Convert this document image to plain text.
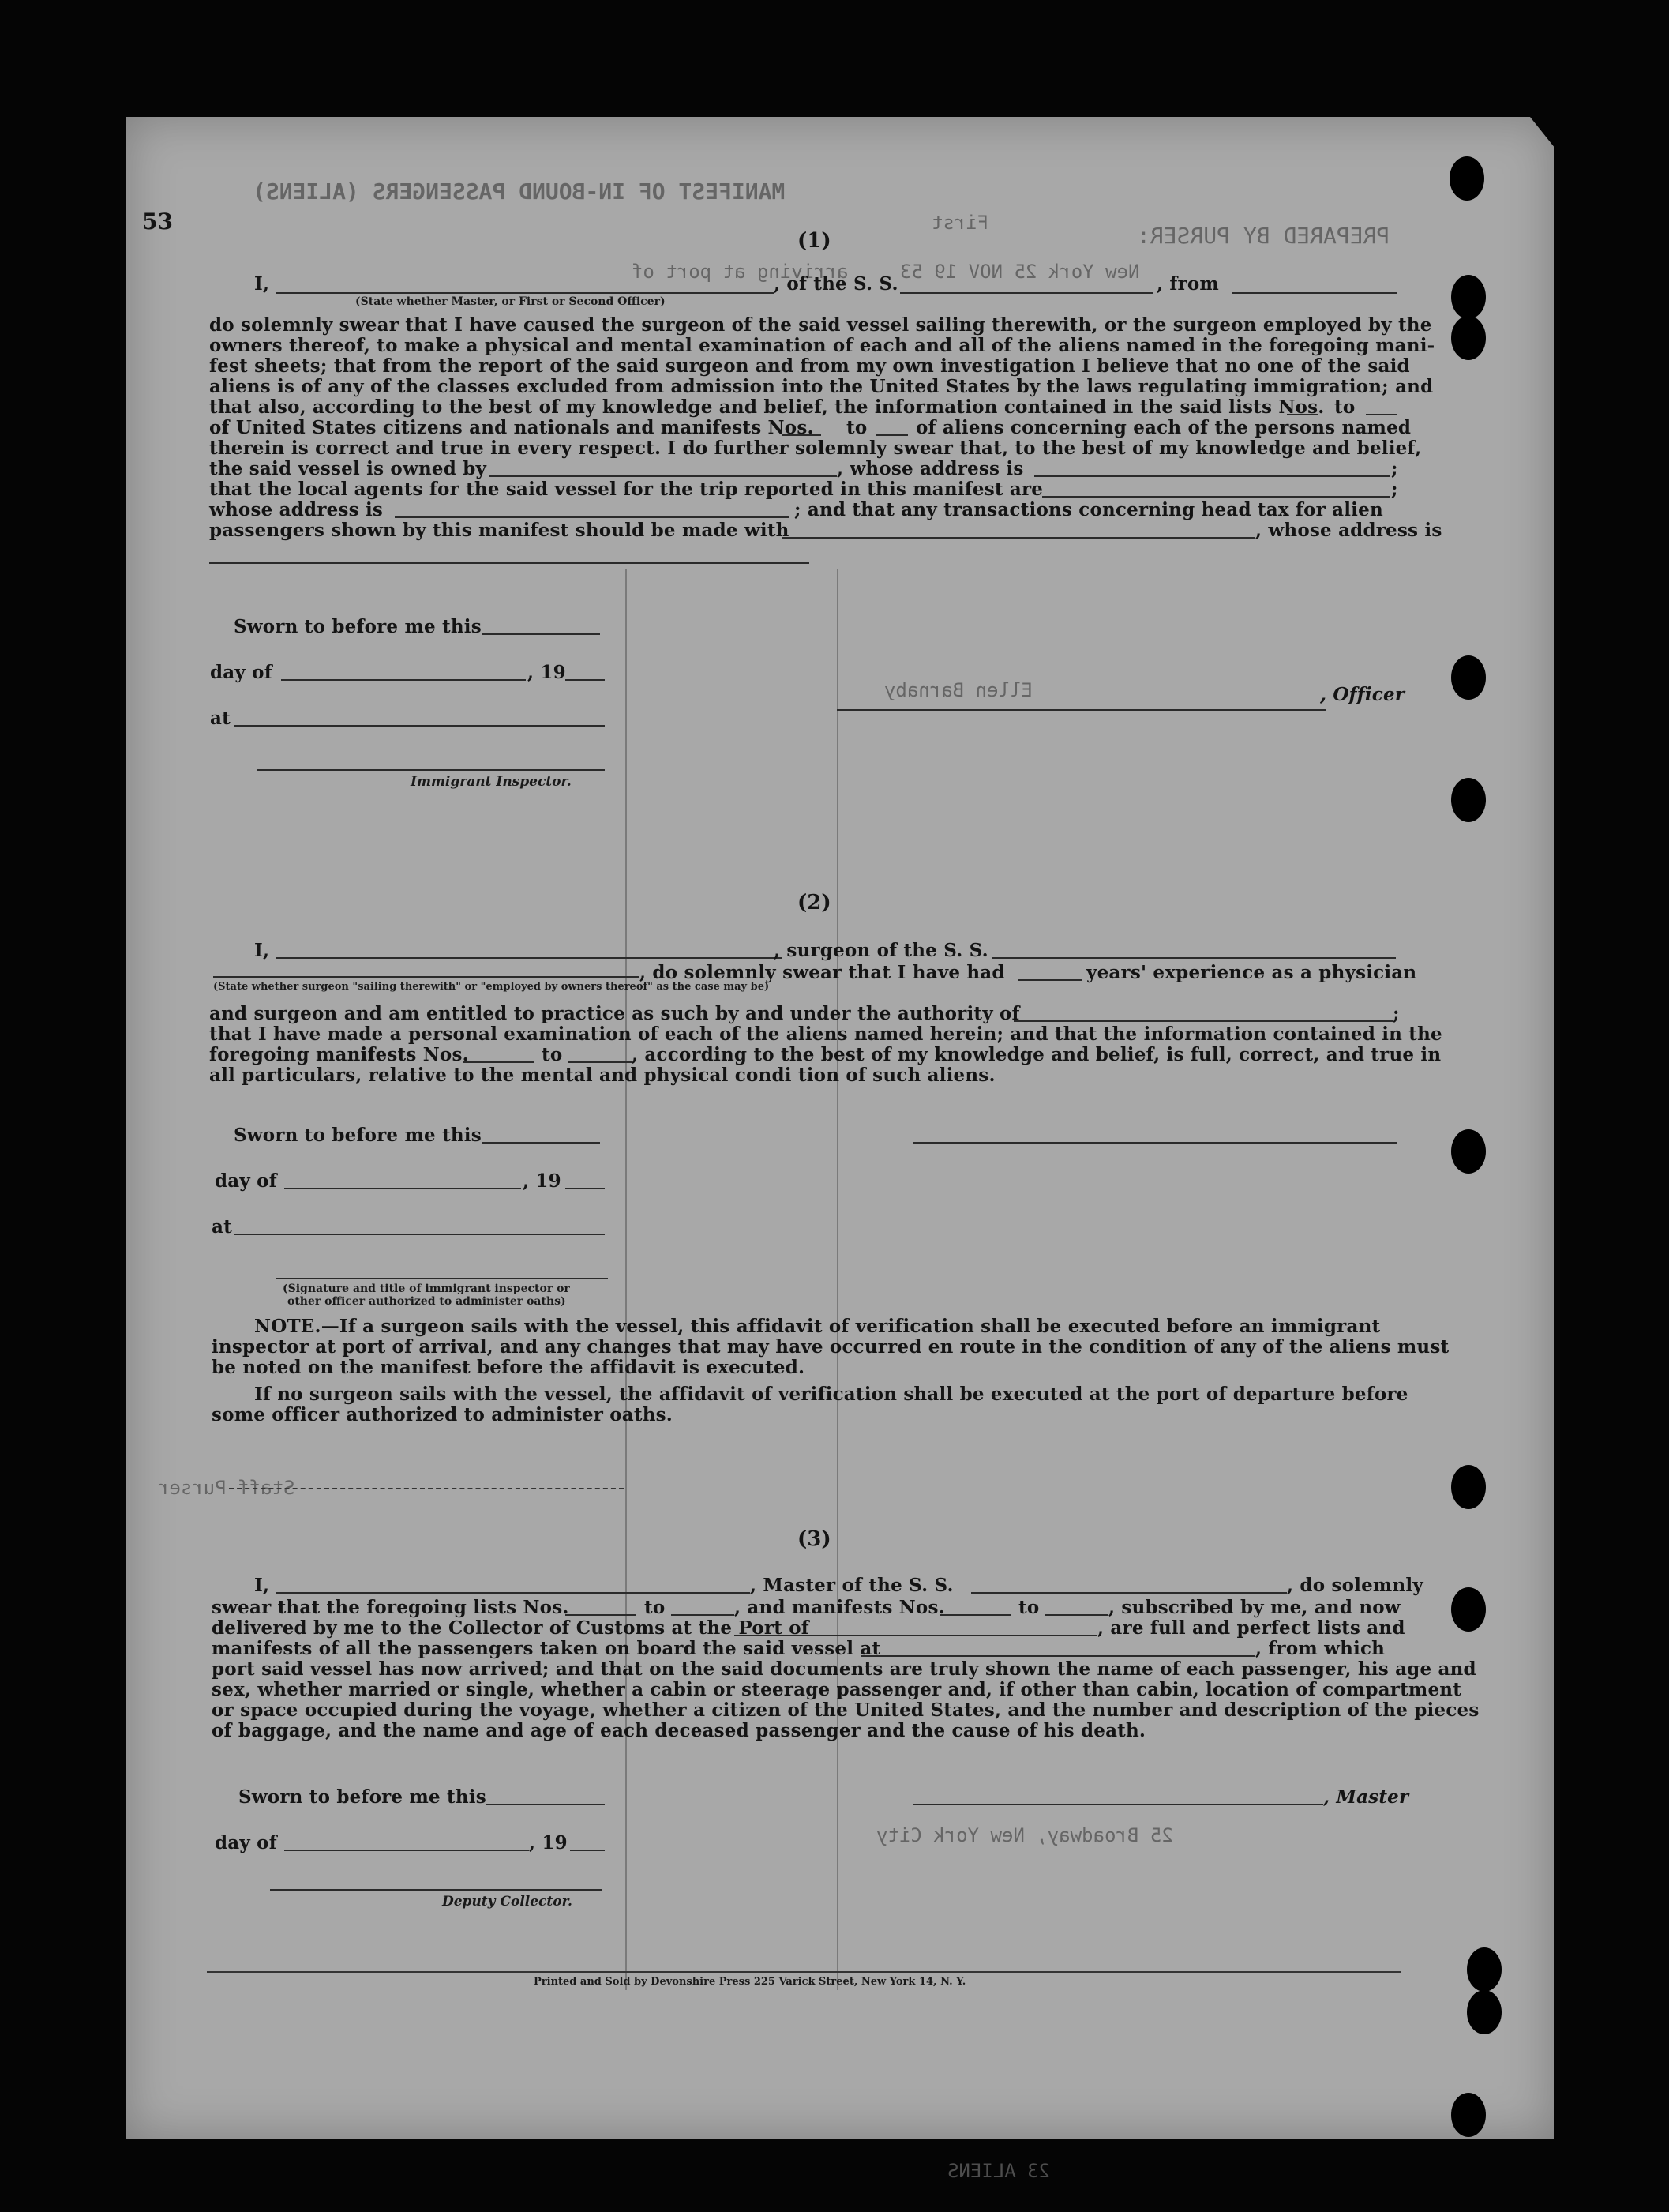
MANIFEST OF IN-BOUND PASSENGERS (ALIENS)
PREPARED BY PURSER:
First
arriving at port of	New York 25 NOV 19 53
Ellen Barnaby
Staff Purser
25 Broadway, New York City
23 ALIENS
53
(1)
I,	, of the S. S.	, from
(State whether Master, or First or Second Officer)
do solemnly swear that I have caused the surgeon of the said vessel sailing therewith, or the surgeon employed by the
owners thereof, to make a physical and mental examination of each and all of the aliens named in the foregoing mani-
fest sheets; that from the report of the said surgeon and from my own investigation I believe that no one of the said
aliens is of any of the classes excluded from admission into the United States by the laws regulating immigration; and
that also, according to the best of my knowledge and belief, the information contained in the said lists Nos. to
of United States citizens and nationals and manifests Nos. to	of aliens concerning each of the persons named
therein is correct and true in every respect. I do further solemnly swear that, to the best of my knowledge and belief,
the said vessel is owned by	, whose address is	;
that the local agents for the said vessel for the trip reported in this manifest are	;
whose address is	; and that any transactions concerning head tax for alien
passengers shown by this manifest should be made with	, whose address is
Sworn to before me this
day of	, 19
at
, Officer
Immigrant Inspector.
(2)
I,	, surgeon of the S. S.
, do solemnly swear that I have had	years' experience as a physician
(State whether surgeon "sailing therewith" or "employed by owners thereof" as the case may be)
and surgeon and am entitled to practice as such by and under the authority of	;
that I have made a personal examination of each of the aliens named herein; and that the information contained in the
foregoing manifests Nos.	to	, according to the best of my knowledge and belief, is full, correct, and true in
all particulars, relative to the mental and physical condi tion of such aliens.
Sworn to before me this
day of	, 19
at
(Signature and title of immigrant inspector or
other officer authorized to administer oaths)
NOTE.—If a surgeon sails with the vessel, this affidavit of verification shall be executed before an immigrant
inspector at port of arrival, and any changes that may have occurred en route in the condition of any of the aliens must
be noted on the manifest before the affidavit is executed.
If no surgeon sails with the vessel, the affidavit of verification shall be executed at the port of departure before
some officer authorized to administer oaths.
(3)
I,	, Master of the S. S.	, do solemnly
swear that the foregoing lists Nos.	to	, and manifests Nos.	to	, subscribed by me, and now
delivered by me to the Collector of Customs at the Port of	, are full and perfect lists and
manifests of all the passengers taken on board the said vessel at	, from which
port said vessel has now arrived; and that on the said documents are truly shown the name of each passenger, his age and
sex, whether married or single, whether a cabin or steerage passenger and, if other than cabin, location of compartment
or space occupied during the voyage, whether a citizen of the United States, and the number and description of the pieces
of baggage, and the name and age of each deceased passenger and the cause of his death.
Sworn to before me this	, Master
day of	, 19
Deputy Collector.
Printed and Sold by Devonshire Press 225 Varick Street, New York 14, N. Y.
